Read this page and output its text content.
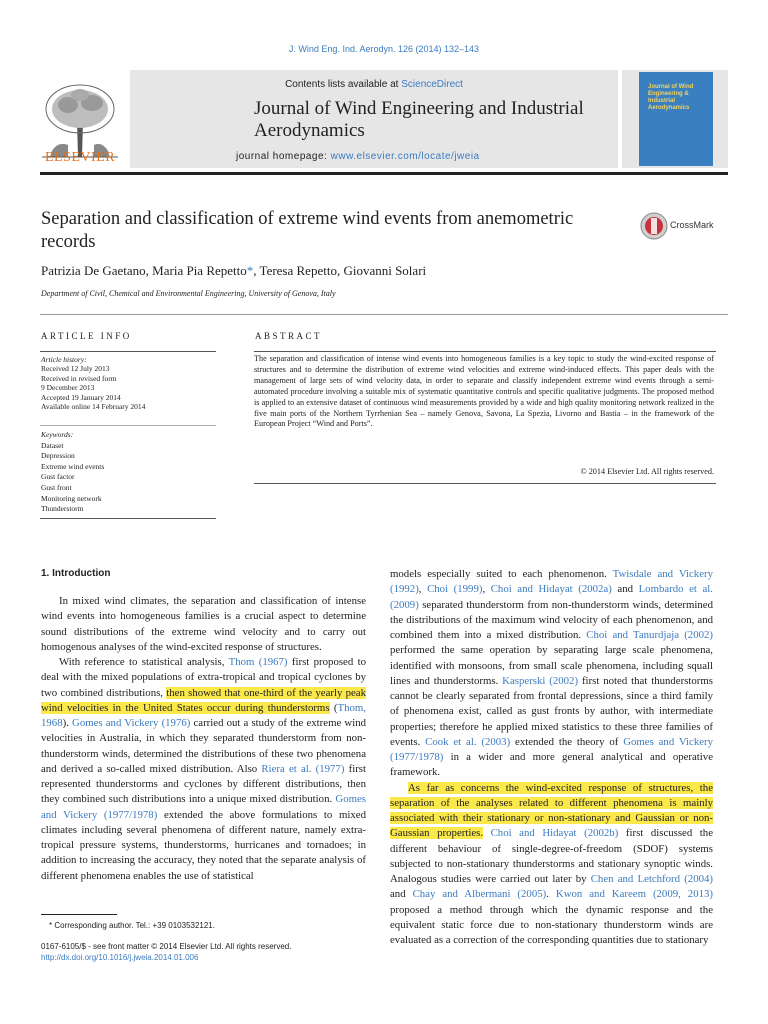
J. Wind Eng. Ind. Aerodyn. 126 (2014) 132–143
ELSEVIER
Contents lists available at ScienceDirect
Journal of Wind Engineering and Industrial Aerodynamics
journal homepage: www.elsevier.com/locate/jweia
Journal of Wind Engineering & Industrial Aerodynamics
Separation and classification of extreme wind events from anemometric records
CrossMark
Patrizia De Gaetano, Maria Pia Repetto*, Teresa Repetto, Giovanni Solari
Department of Civil, Chemical and Environmental Engineering, University of Genova, Italy
ARTICLE INFO	ABSTRACT
Article history:
Received 12 July 2013
Received in revised form
9 December 2013
Accepted 19 January 2014
Available online 14 February 2014
Keywords:
Dataset
Depression
Extreme wind events
Gust factor
Gust front
Monitoring network
Thunderstorm
The separation and classification of intense wind events into homogeneous families is a key topic to study the wind-excited response of structures and to determine the distribution of extreme wind velocities and extreme wind-induced effects. This paper deals with the management of large sets of wind velocity data, in order to separate and classify independent extreme wind events through a semi-automated procedure involving a suitable mix of systematic quantitative controls and specific qualitative judgments. The proposed method is applied to an extensive dataset of continuous wind measurements provided by a wide and high quality monitoring network realized in the five main ports of the Northern Tyrrhenian Sea – namely Genova, Savona, La Spezia, Livorno and Bastia – in the framework of the European Project “Wind and Ports”.
© 2014 Elsevier Ltd. All rights reserved.
1. Introduction

In mixed wind climates, the separation and classification of intense wind events into homogeneous families is a crucial aspect to determine sound distributions of the extreme wind velocity and to carry out homogenous analyses of the wind-excited response of structures.

With reference to statistical analysis, Thom (1967) first proposed to deal with the mixed populations of extra-tropical and tropical cyclones by two combined distributions, then showed that one-third of the yearly peak wind velocities in the United States occur during thunderstorms (Thom, 1968). Gomes and Vickery (1976) carried out a study of the extreme wind velocities in Australia, in which they separated thunderstorm from non-thunderstorm winds, determined the distributions of these two phenomena and derived a so-called mixed distribution. Also Riera et al. (1977) first represented thunderstorms and cyclones by different distributions, then they combined such distributions into a unique mixed distribution. Gomes and Vickery (1977/1978) extended the above formulations to mixed climates including several phenomena of different nature, namely extra-tropical pressure systems, thunderstorms, hurricanes and tornadoes; in addition to increasing the accuracy, they noted that the separate analysis of different phenomena enables the use of statistical

models especially suited to each phenomenon. Twisdale and Vickery (1992), Choi (1999), Choi and Hidayat (2002a) and Lombardo et al. (2009) separated thunderstorm from non-thunderstorm winds, determined the distributions of the maximum wind velocity of each phenomenon, and combined them into a mixed distribution. Choi and Tanurdjaja (2002) performed the same operation by separating large scale phenomena, identified with monsoons, from small scale phenomena, including squall lines and thunderstorms. Kasperski (2002) first noted that thunderstorms cannot be clearly separated from frontal depressions, since a third family of phenomena exist, called as gust fronts by author, with intermediate properties; therefore he applied mixed statistics to these three families of events. Cook et al. (2003) extended the theory of Gomes and Vickery (1977/1978) in a wider and more general analytical and operative framework.

As far as concerns the wind-excited response of structures, the separation of the analyses related to different phenomena is mainly associated with their stationary or non-stationary and Gaussian or non-Gaussian properties. Choi and Hidayat (2002b) first discussed the different behaviour of single-degree-of-freedom (SDOF) systems subjected to non-stationary thunderstorms and stationary synoptic winds. Analogous studies were carried out later by Chen and Letchford (2004) and Chay and Albermani (2005). Kwon and Kareem (2009, 2013) proposed a method through which the dynamic response and the equivalent static force due to non-stationary thunderstorm winds are evaluated as a correction of the corresponding quantities due to stationary

* Corresponding author. Tel.: +39 0103532121.
0167-6105/$ - see front matter © 2014 Elsevier Ltd. All rights reserved.
http://dx.doi.org/10.1016/j.jweia.2014.01.006
